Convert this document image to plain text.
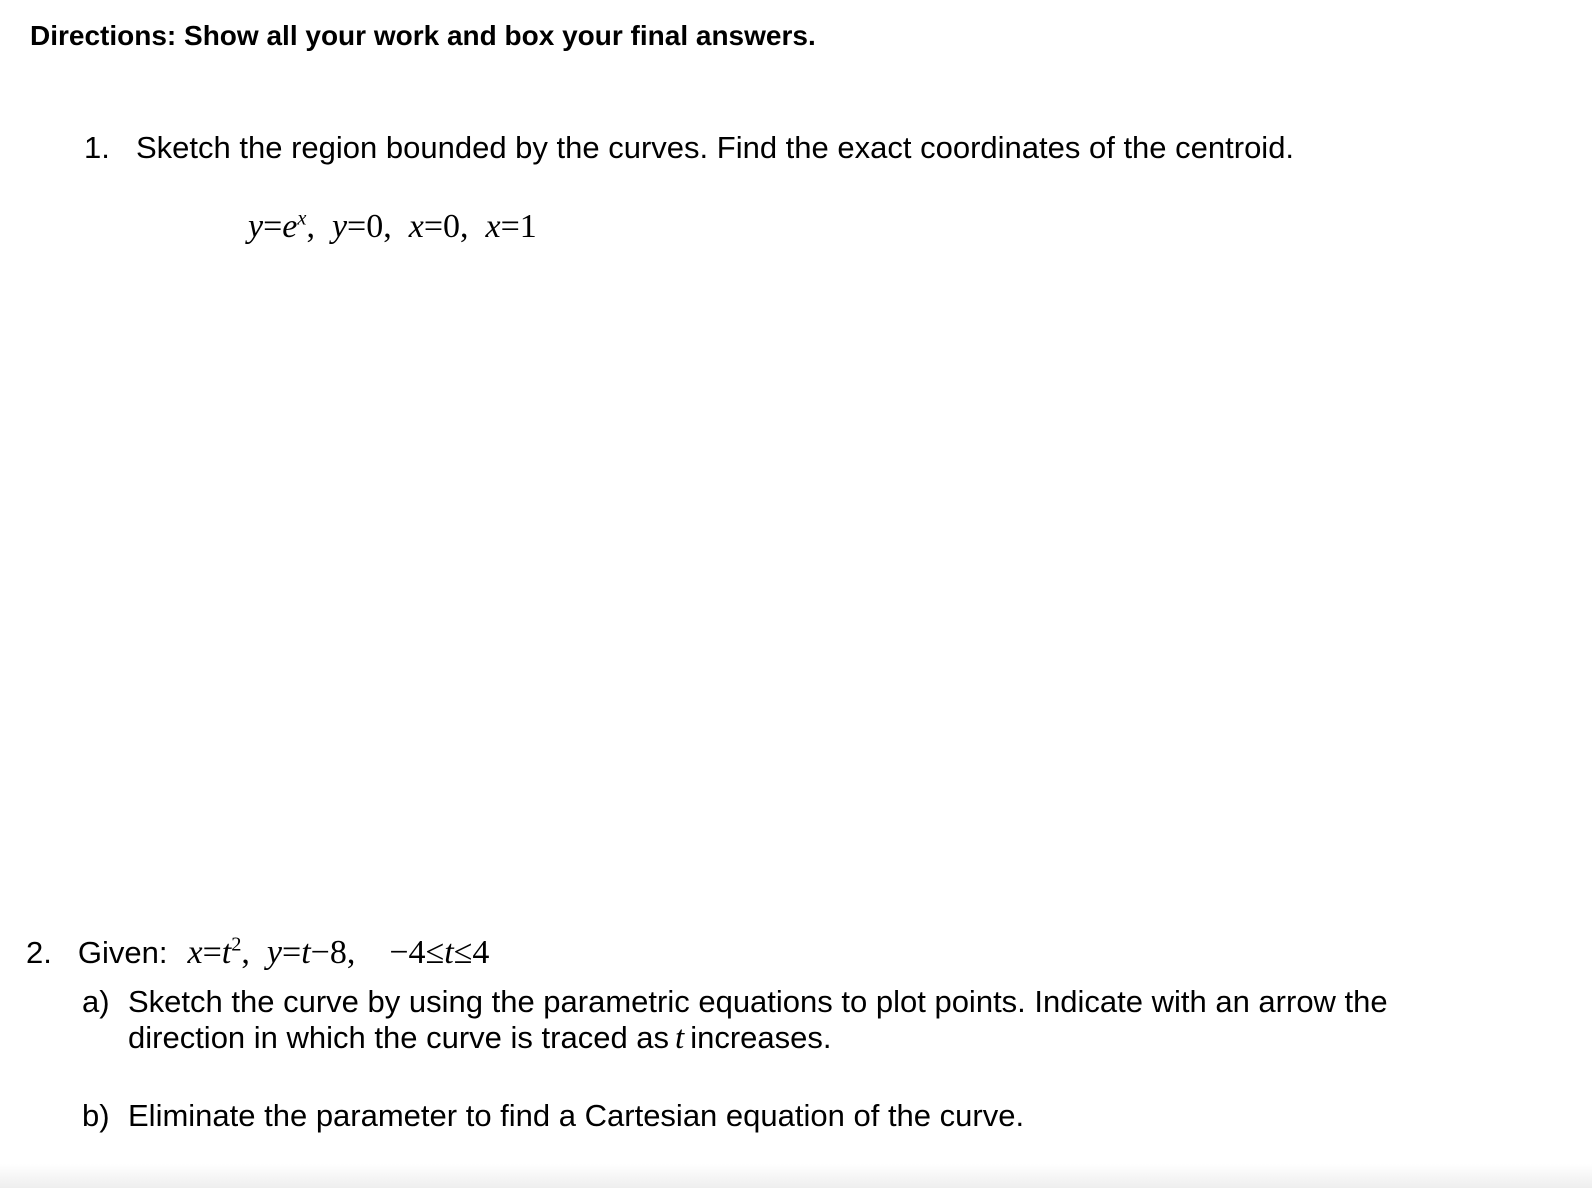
Directions: Show all your work and box your final answers.
1. Sketch the region bounded by the curves. Find the exact coordinates of the centroid.
$y=e^x$, y=0, x=0, x=1
2. Given: $x=t^2$,  y=t−8, −4≤t≤4
a) Sketch the curve by using the parametric equations to plot points. Indicate with an arrow the
direction in which the curve is traced as t increases.
b) Eliminate the parameter to find a Cartesian equation of the curve.
